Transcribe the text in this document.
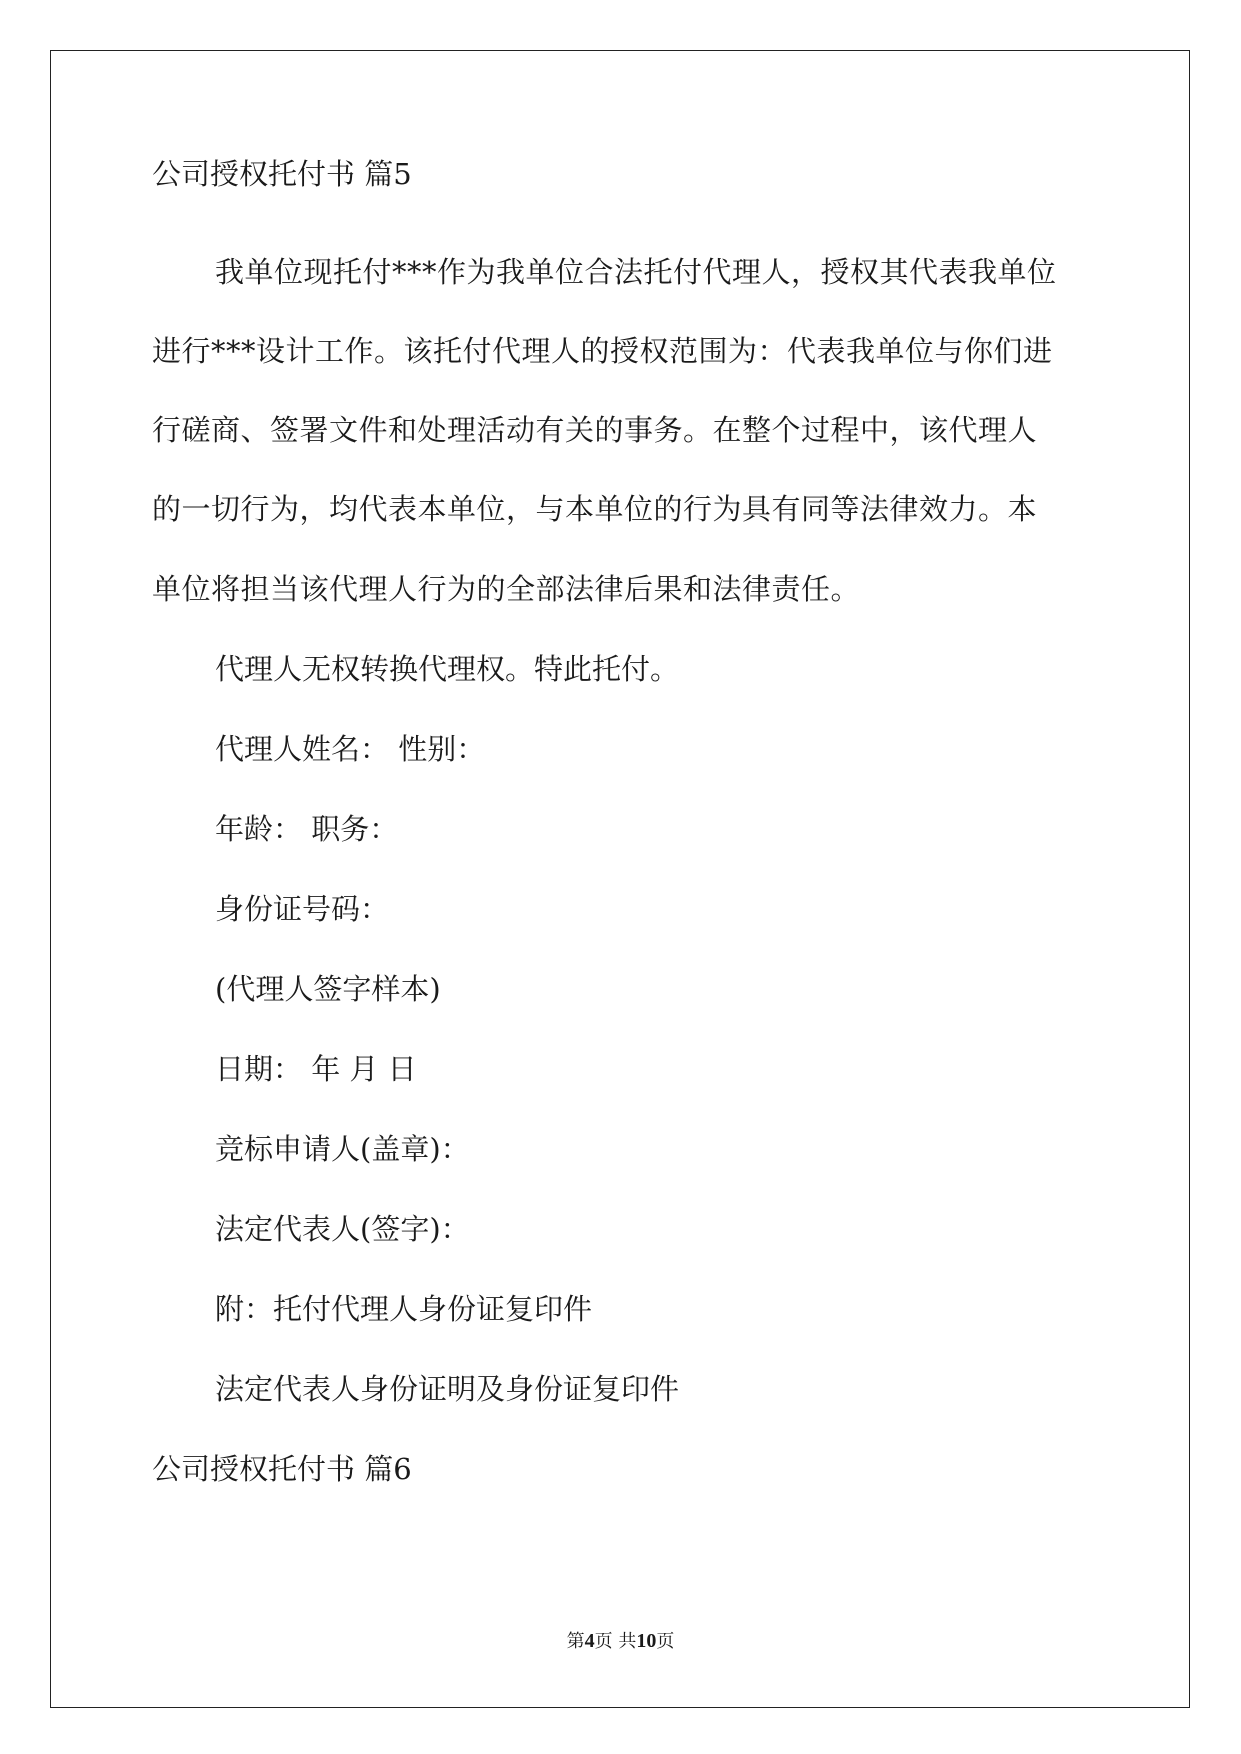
公司授权托付书 篇5

我单位现托付***作为我单位合法托付代理人，授权其代表我单位

进行***设计工作。该托付代理人的授权范围为：代表我单位与你们进

行磋商、签署文件和处理活动有关的事务。在整个过程中，该代理人

的一切行为，均代表本单位，与本单位的行为具有同等法律效力。本

单位将担当该代理人行为的全部法律后果和法律责任。

代理人无权转换代理权。特此托付。

代理人姓名： 性别：

年龄： 职务：

身份证号码：

(代理人签字样本)

日期： 年 月 日

竞标申请人(盖章)：

法定代表人(签字)：

附：托付代理人身份证复印件

法定代表人身份证明及身份证复印件

公司授权托付书 篇6

第4页 共10页
